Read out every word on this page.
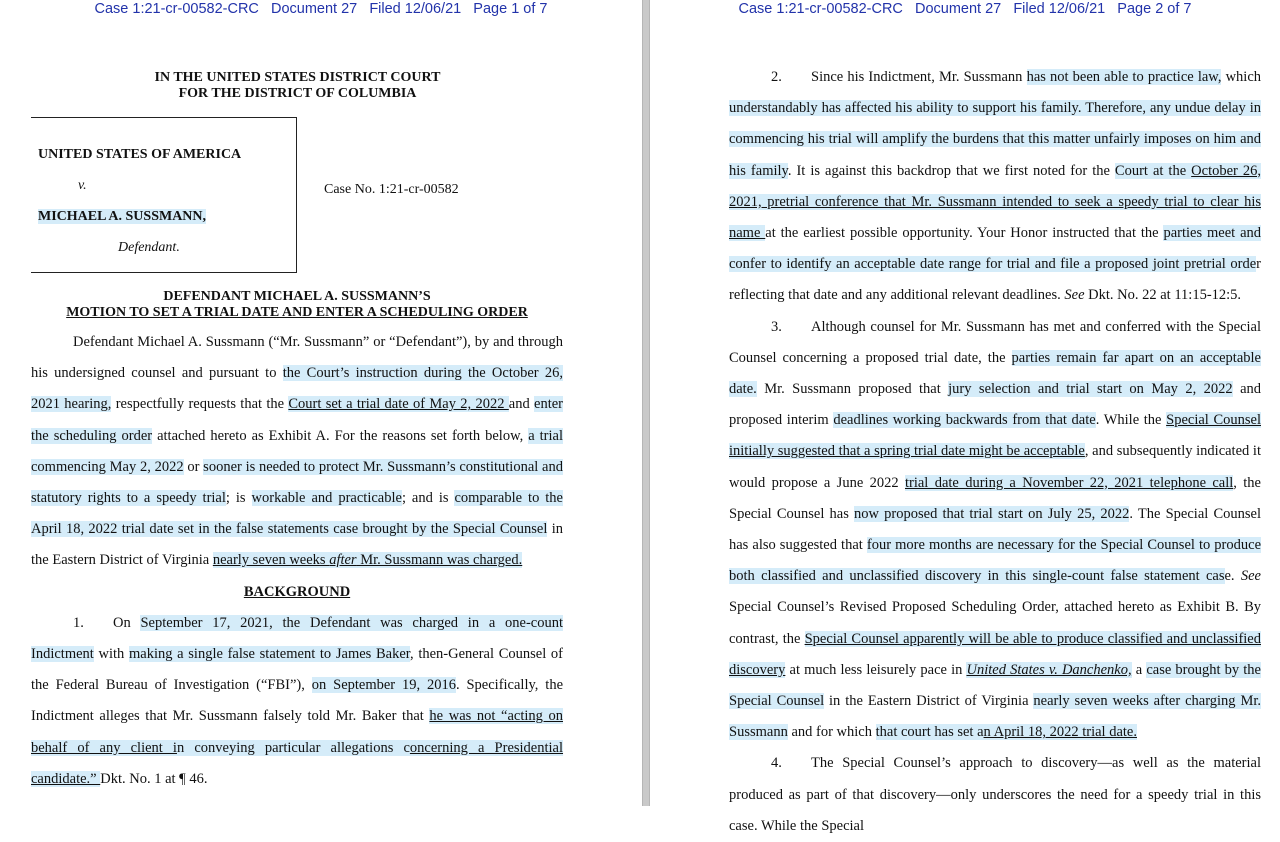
Case 1:21-cr-00582-CRC   Document 27   Filed 12/06/21   Page 1 of 7
IN THE UNITED STATES DISTRICT COURT
FOR THE DISTRICT OF COLUMBIA
UNITED STATES OF AMERICA
v.
MICHAEL A. SUSSMANN,
Defendant.
Case No. 1:21-cr-00582
DEFENDANT MICHAEL A. SUSSMANN’S
MOTION TO SET A TRIAL DATE AND ENTER A SCHEDULING ORDER

Defendant Michael A. Sussmann (“Mr. Sussmann” or “Defendant”), by and through his undersigned counsel and pursuant to the Court’s instruction during the October 26, 2021 hearing, respectfully requests that the Court set a trial date of May 2, 2022 and enter the scheduling order attached hereto as Exhibit A. For the reasons set forth below, a trial commencing May 2, 2022 or sooner is needed to protect Mr. Sussmann’s constitutional and statutory rights to a speedy trial; is workable and practicable; and is comparable to the April 18, 2022 trial date set in the false statements case brought by the Special Counsel in the Eastern District of Virginia nearly seven weeks after Mr. Sussmann was charged.

BACKGROUND

1. On September 17, 2021, the Defendant was charged in a one-count Indictment with making a single false statement to James Baker, then-General Counsel of the Federal Bureau of Investigation (“FBI”), on September 19, 2016. Specifically, the Indictment alleges that Mr. Sussmann falsely told Mr. Baker that he was not “acting on behalf of any client in conveying particular allegations concerning a Presidential candidate.” Dkt. No. 1 at ¶ 46.

Case 1:21-cr-00582-CRC   Document 27   Filed 12/06/21   Page 2 of 7

2. Since his Indictment, Mr. Sussmann has not been able to practice law, which understandably has affected his ability to support his family. Therefore, any undue delay in commencing his trial will amplify the burdens that this matter unfairly imposes on him and his family. It is against this backdrop that we first noted for the Court at the October 26, 2021, pretrial conference that Mr. Sussmann intended to seek a speedy trial to clear his name at the earliest possible opportunity. Your Honor instructed that the parties meet and confer to identify an acceptable date range for trial and file a proposed joint pretrial order reflecting that date and any additional relevant deadlines. See Dkt. No. 22 at 11:15-12:5.

3. Although counsel for Mr. Sussmann has met and conferred with the Special Counsel concerning a proposed trial date, the parties remain far apart on an acceptable date. Mr. Sussmann proposed that jury selection and trial start on May 2, 2022 and proposed interim deadlines working backwards from that date. While the Special Counsel initially suggested that a spring trial date might be acceptable, and subsequently indicated it would propose a June 2022 trial date during a November 22, 2021 telephone call, the Special Counsel has now proposed that trial start on July 25, 2022. The Special Counsel has also suggested that four more months are necessary for the Special Counsel to produce both classified and unclassified discovery in this single-count false statement case. See Special Counsel’s Revised Proposed Scheduling Order, attached hereto as Exhibit B. By contrast, the Special Counsel apparently will be able to produce classified and unclassified discovery at much less leisurely pace in United States v. Danchenko, a case brought by the Special Counsel in the Eastern District of Virginia nearly seven weeks after charging Mr. Sussmann and for which that court has set an April 18, 2022 trial date.

4. The Special Counsel’s approach to discovery—as well as the material produced as part of that discovery—only underscores the need for a speedy trial in this case. While the Special
